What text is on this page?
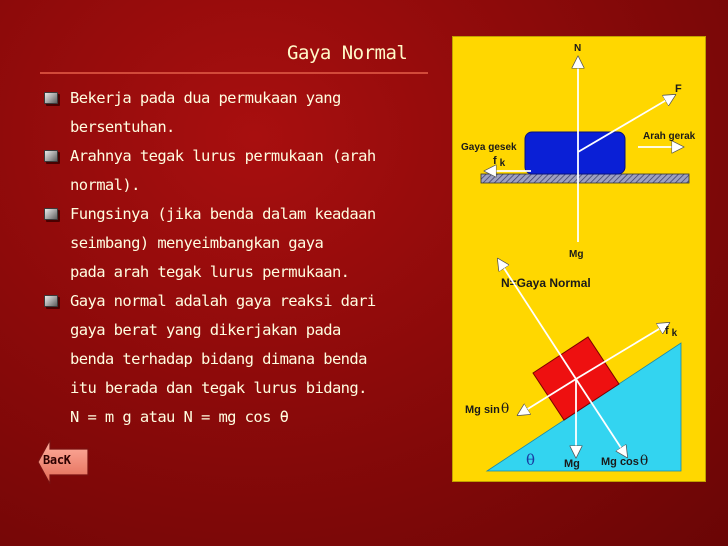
Gaya Normal
Bekerja pada dua permukaan yang
bersentuhan.
Arahnya tegak lurus permukaan (arah
normal).
Fungsinya (jika benda dalam keadaan
seimbang) menyeimbangkan gaya
pada arah tegak lurus permukaan.
Gaya normal adalah gaya reaksi dari
gaya berat yang dikerjakan pada
benda terhadap bidang dimana benda
itu berada dan tegak lurus bidang.
N = m g atau N = mg cos θ
BacK
N
F
Gaya gesek
f k
Arah gerak
Mg
N=Gaya Normal
f k
Mg sinθ
θ	Mg Mg cosθ
